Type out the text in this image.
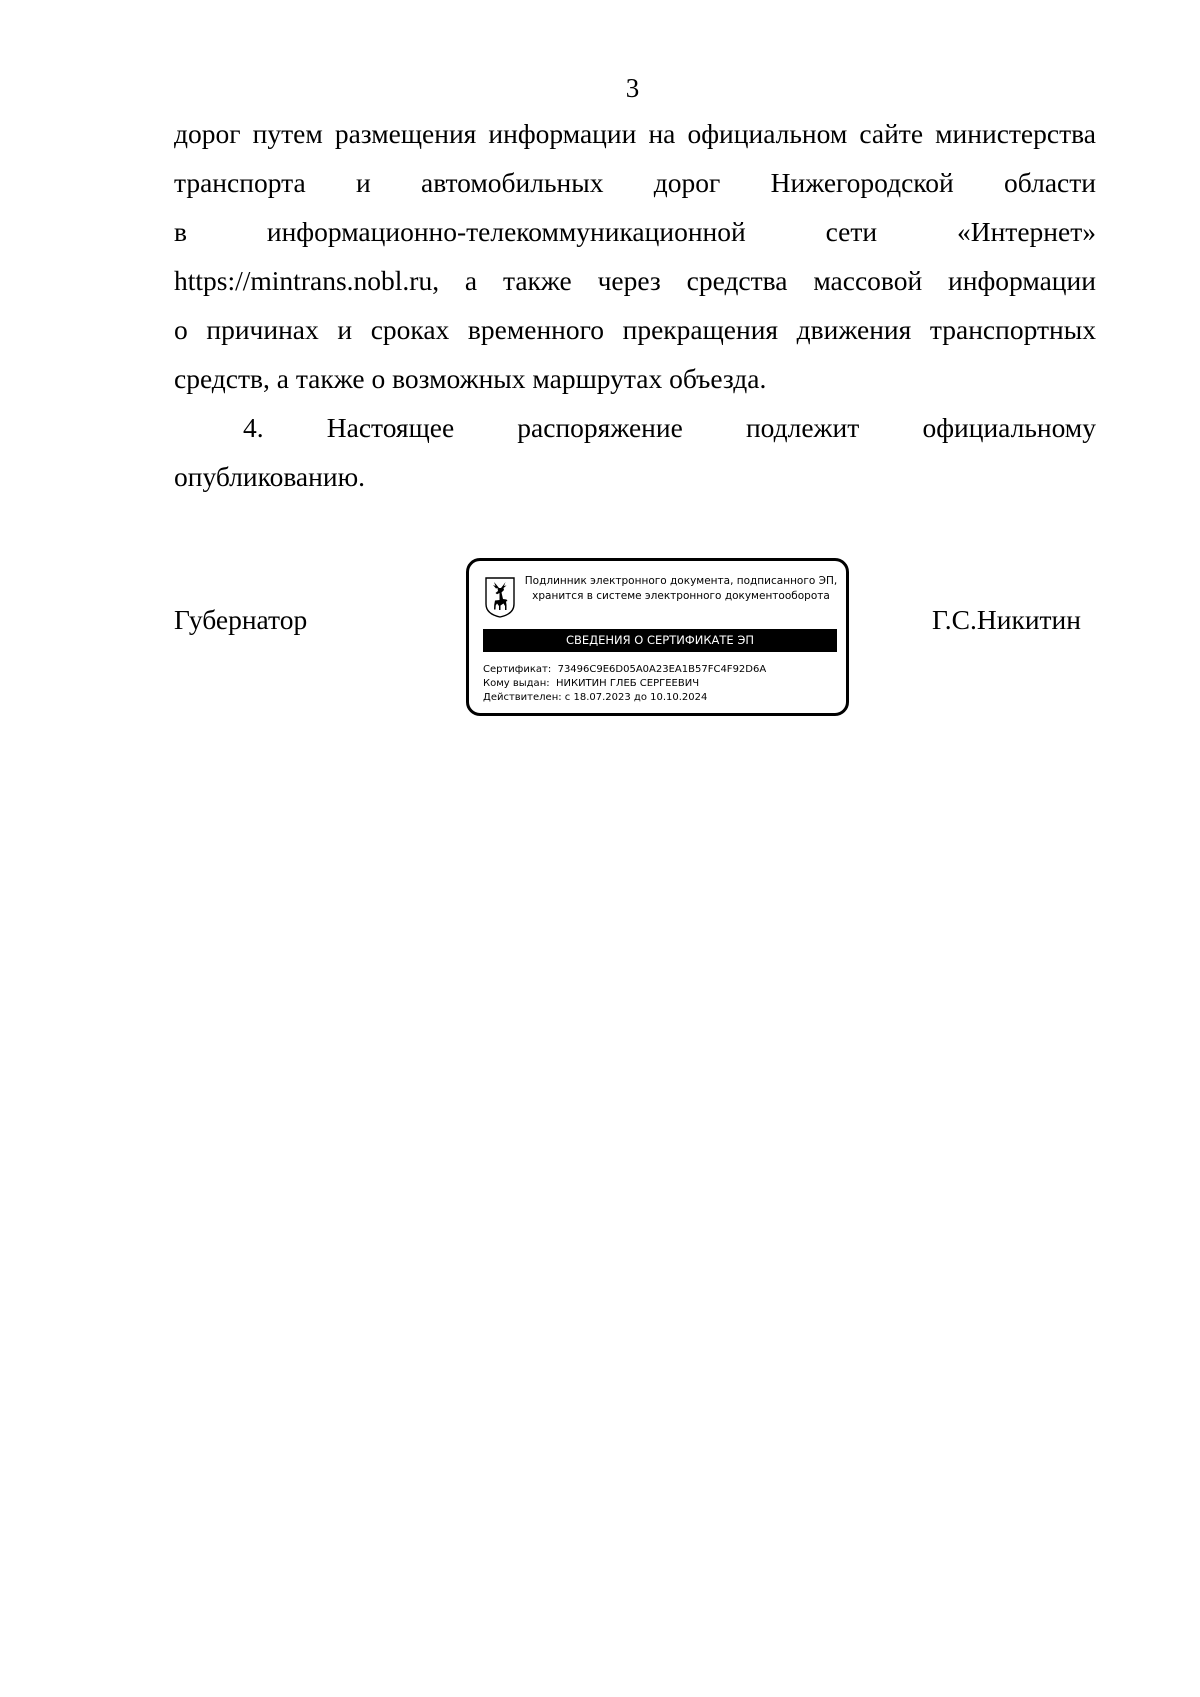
3
дорог путем размещения информации на официальном сайте министерства
транспорта и автомобильных дорог Нижегородской области
в	информационно-телекоммуникационной	сети	«Интернет»
https://mintrans.nobl.ru, а также через средства массовой информации
о причинах и сроках временного прекращения движения транспортных
средств, а также о возможных маршрутах объезда.
4. Настоящее распоряжение подлежит официальному
опубликованию.
Губернатор
Подлинник электронного документа, подписанного ЭП,
хранится в системе электронного документооборота
СВЕДЕНИЯ О СЕРТИФИКАТЕ ЭП
Сертификат: 73496C9E6D05A0A23EA1B57FC4F92D6A
Кому выдан: НИКИТИН ГЛЕБ СЕРГЕЕВИЧ
Действителен: с 18.07.2023 до 10.10.2024
Г.С.Никитин
